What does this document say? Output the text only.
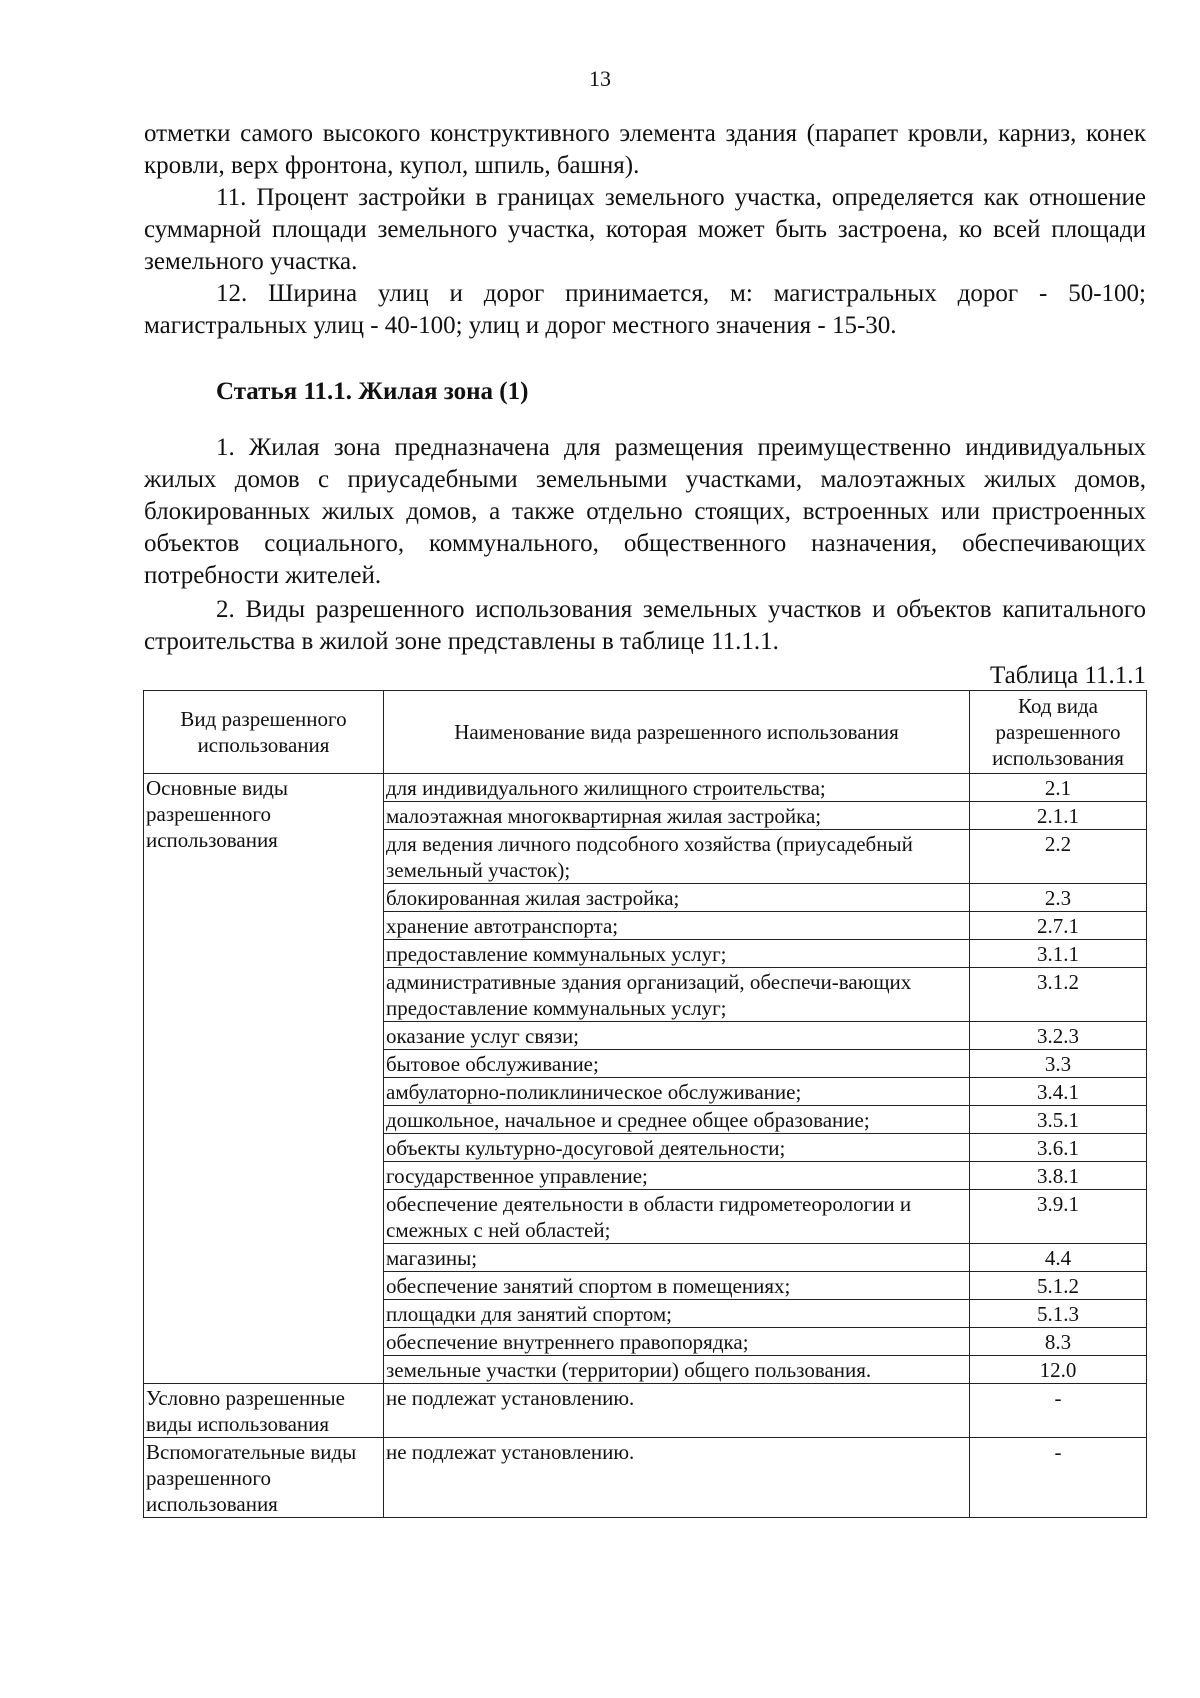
13
отметки самого высокого конструктивного элемента здания (парапет кровли, карниз, конек кровли, верх фронтона, купол, шпиль, башня).
11. Процент застройки в границах земельного участка, определяется как отношение суммарной площади земельного участка, которая может быть застроена, ко всей площади земельного участка.
12. Ширина улиц и дорог принимается, м: магистральных дорог - 50-100; магистральных улиц - 40-100; улиц и дорог местного значения - 15-30.
Статья 11.1. Жилая зона (1)
1. Жилая зона предназначена для размещения преимущественно индивидуальных жилых домов с приусадебными земельными участками, малоэтажных жилых домов, блокированных жилых домов, а также отдельно стоящих, встроенных или пристроенных объектов социального, коммунального, общественного назначения, обеспечивающих потребности жителей.
2. Виды разрешенного использования земельных участков и объектов капитального строительства в жилой зоне представлены в таблице 11.1.1.
Таблица 11.1.1
Вид разрешенного использования	Наименование вида разрешенного использования	Код вида разрешенного использования
Основные виды разрешенного использования	для индивидуального жилищного строительства;	2.1
	малоэтажная многоквартирная жилая застройка;	2.1.1
	для ведения личного подсобного хозяйства (приусадебный земельный участок);	2.2
	блокированная жилая застройка;	2.3
	хранение автотранспорта;	2.7.1
	предоставление коммунальных услуг;	3.1.1
	административные здания организаций, обеспечи-вающих предоставление коммунальных услуг;	3.1.2
	оказание услуг связи;	3.2.3
	бытовое обслуживание;	3.3
	амбулаторно-поликлиническое обслуживание;	3.4.1
	дошкольное, начальное и среднее общее образование;	3.5.1
	объекты культурно-досуговой деятельности;	3.6.1
	государственное управление;	3.8.1
	обеспечение деятельности в области гидрометеорологии и смежных с ней областей;	3.9.1
	магазины;	4.4
	обеспечение занятий спортом в помещениях;	5.1.2
	площадки для занятий спортом;	5.1.3
	обеспечение внутреннего правопорядка;	8.3
	земельные участки (территории) общего пользования.	12.0
Условно разрешенные виды использования	не подлежат установлению.	-
Вспомогательные виды разрешенного использования	не подлежат установлению.	-
